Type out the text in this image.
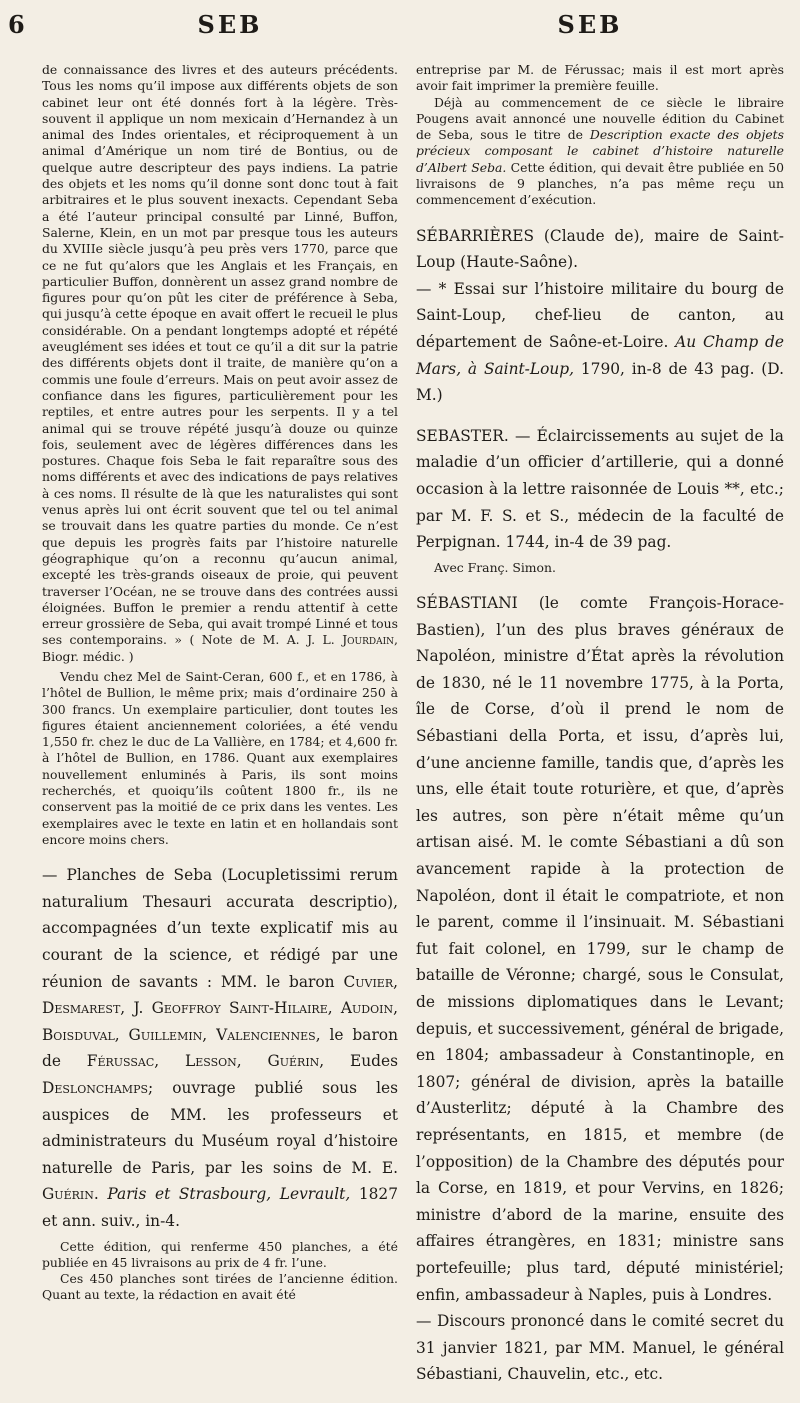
6	SEB	SEB

de connaissance des livres et des auteurs précédents. Tous les noms qu’il impose aux différents objets de son cabinet leur ont été donnés fort à la légère. Très-souvent il applique un nom mexicain d’Hernandez à un animal des Indes orientales, et réciproquement à un animal d’Amérique un nom tiré de Bontius, ou de quelque autre descripteur des pays indiens. La patrie des objets et les noms qu’il donne sont donc tout à fait arbitraires et le plus souvent inexacts. Cependant Seba a été l’auteur principal consulté par Linné, Buffon, Salerne, Klein, en un mot par presque tous les auteurs du XVIIIe siècle jusqu’à peu près vers 1770, parce que ce ne fut qu’alors que les Anglais et les Français, en particulier Buffon, donnèrent un assez grand nombre de figures pour qu’on pût les citer de préférence à Seba, qui jusqu’à cette époque en avait offert le recueil le plus considérable. On a pendant longtemps adopté et répété aveuglément ses idées et tout ce qu’il a dit sur la patrie des différents objets dont il traite, de manière qu’on a commis une foule d’erreurs. Mais on peut avoir assez de confiance dans les figures, particulièrement pour les reptiles, et entre autres pour les serpents. Il y a tel animal qui se trouve répété jusqu’à douze ou quinze fois, seulement avec de légères différences dans les postures. Chaque fois Seba le fait reparaître sous des noms différents et avec des indications de pays relatives à ces noms. Il résulte de là que les naturalistes qui sont venus après lui ont écrit souvent que tel ou tel animal se trouvait dans les quatre parties du monde. Ce n’est que depuis les progrès faits par l’histoire naturelle géographique qu’on a reconnu qu’aucun animal, excepté les très-grands oiseaux de proie, qui peuvent traverser l’Océan, ne se trouve dans des contrées aussi éloignées. Buffon le premier a rendu attentif à cette erreur grossière de Seba, qui avait trompé Linné et tous ses contemporains. » ( Note de M. A. J. L. Jourdain, Biogr. médic. )

Vendu chez Mel de Saint-Ceran, 600 f., et en 1786, à l’hôtel de Bullion, le même prix; mais d’ordinaire 250 à 300 francs. Un exemplaire particulier, dont toutes les figures étaient anciennement coloriées, a été vendu 1,550 fr. chez le duc de La Vallière, en 1784; et 4,600 fr. à l’hôtel de Bullion, en 1786. Quant aux exemplaires nouvellement enluminés à Paris, ils sont moins recherchés, et quoiqu’ils coûtent 1800 fr., ils ne conservent pas la moitié de ce prix dans les ventes. Les exemplaires avec le texte en latin et en hollandais sont encore moins chers.

— Planches de Seba (Locupletissimi rerum naturalium Thesauri accurata descriptio), accompagnées d’un texte explicatif mis au courant de la science, et rédigé par une réunion de savants : MM. le baron Cuvier, Desmarest, J. Geoffroy Saint-Hilaire, Audoin, Boisduval, Guillemin, Valenciennes, le baron de Férussac, Lesson, Guérin, Eudes Deslonchamps; ouvrage publié sous les auspices de MM. les professeurs et administrateurs du Muséum royal d’histoire naturelle de Paris, par les soins de M. E. Guérin. Paris et Strasbourg, Levrault, 1827 et ann. suiv., in-4.

Cette édition, qui renferme 450 planches, a été publiée en 45 livraisons au prix de 4 fr. l’une.

Ces 450 planches sont tirées de l’ancienne édition. Quant au texte, la rédaction en avait été

entreprise par M. de Férussac; mais il est mort après avoir fait imprimer la première feuille.

Déjà au commencement de ce siècle le libraire Pougens avait annoncé une nouvelle édition du Cabinet de Seba, sous le titre de Description exacte des objets précieux composant le cabinet d’histoire naturelle d’Albert Seba. Cette édition, qui devait être publiée en 50 livraisons de 9 planches, n’a pas même reçu un commencement d’exécution.

SÉBARRIÈRES (Claude de), maire de Saint-Loup (Haute-Saône).

— * Essai sur l’histoire militaire du bourg de Saint-Loup, chef-lieu de canton, au département de Saône-et-Loire. Au Champ de Mars, à Saint-Loup, 1790, in-8 de 43 pag. (D. M.)

SEBASTER. — Éclaircissements au sujet de la maladie d’un officier d’artillerie, qui a donné occasion à la lettre raisonnée de Louis **, etc.; par M. F. S. et S., médecin de la faculté de Perpignan. 1744, in-4 de 39 pag.

Avec Franç. Simon.

SÉBASTIANI (le comte François-Horace-Bastien), l’un des plus braves généraux de Napoléon, ministre d’État après la révolution de 1830, né le 11 novembre 1775, à la Porta, île de Corse, d’où il prend le nom de Sébastiani della Porta, et issu, d’après lui, d’une ancienne famille, tandis que, d’après les uns, elle était toute roturière, et que, d’après les autres, son père n’était même qu’un artisan aisé. M. le comte Sébastiani a dû son avancement rapide à la protection de Napoléon, dont il était le compatriote, et non le parent, comme il l’insinuait. M. Sébastiani fut fait colonel, en 1799, sur le champ de bataille de Véronne; chargé, sous le Consulat, de missions diplomatiques dans le Levant; depuis, et successivement, général de brigade, en 1804; ambassadeur à Constantinople, en 1807; général de division, après la bataille d’Austerlitz; député à la Chambre des représentants, en 1815, et membre (de l’opposition) de la Chambre des députés pour la Corse, en 1819, et pour Vervins, en 1826; ministre d’abord de la marine, ensuite des affaires étrangères, en 1831; ministre sans portefeuille; plus tard, député ministériel; enfin, ambassadeur à Naples, puis à Londres.

— Discours prononcé dans le comité secret du 31 janvier 1821, par MM. Manuel, le général Sébastiani, Chauvelin, etc., etc.
